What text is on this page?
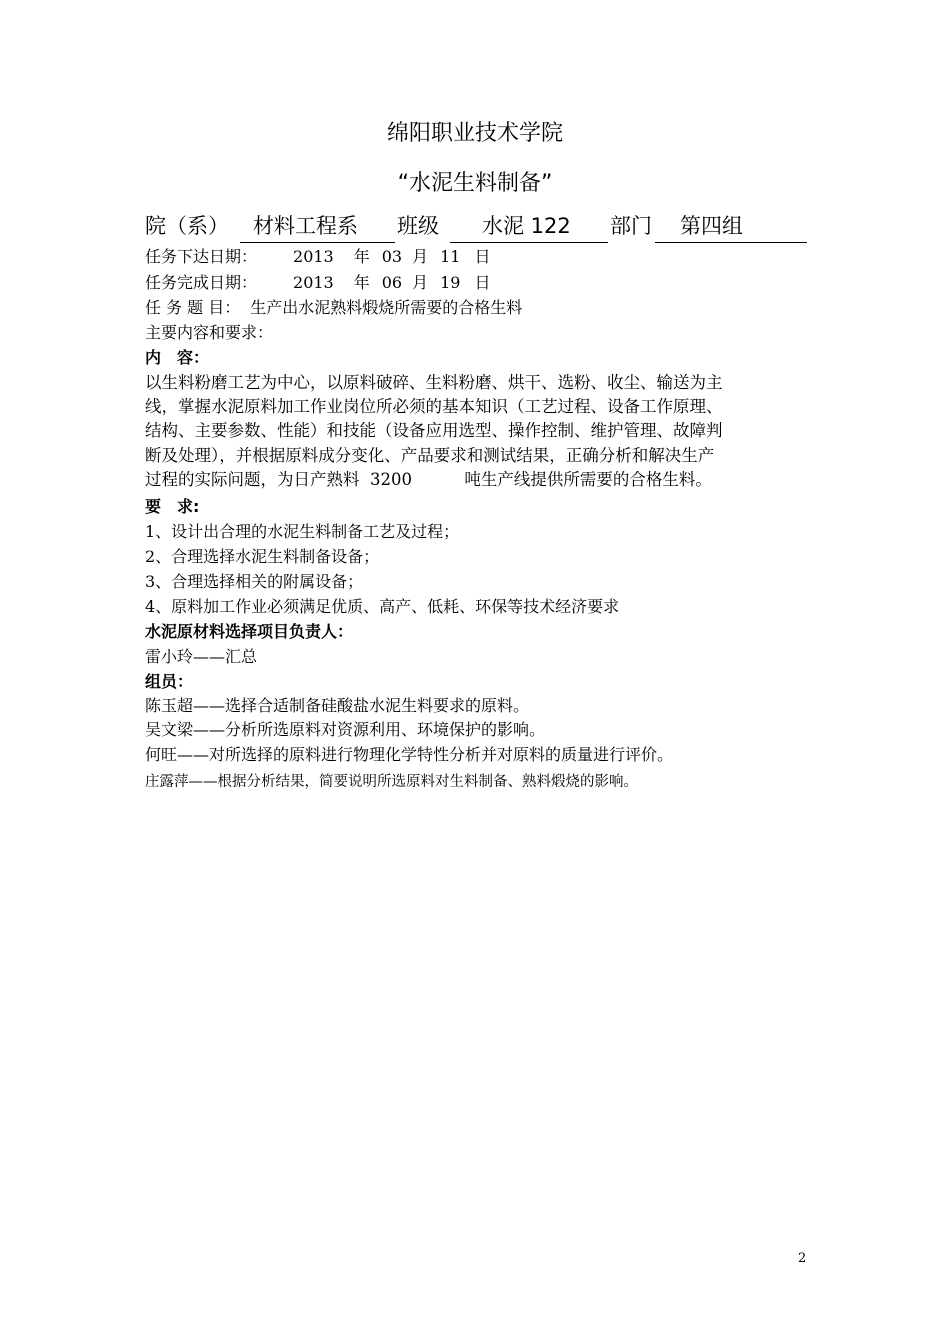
绵阳职业技术学院
“水泥生料制备”
院（系） 材料工程系 班级 水泥 122 部门 第四组
任务下达日期： 2013 年 03 月 11 日
任务完成日期： 2013 年 06 月 19 日
任 务 题 目： 生产出水泥熟料煅烧所需要的合格生料
主要内容和要求：
内　容：
以生料粉磨工艺为中心，以原料破碎、生料粉磨、烘干、选粉、收尘、输送为主
线，掌握水泥原料加工作业岗位所必须的基本知识（工艺过程、设备工作原理、
结构、主要参数、性能）和技能（设备应用选型、操作控制、维护管理、故障判
断及处理），并根据原料成分变化、产品要求和测试结果，正确分析和解决生产
过程的实际问题，为日产熟料  3200          吨生产线提供所需要的合格生料。
要　求:
1、设计出合理的水泥生料制备工艺及过程；
2、合理选择水泥生料制备设备；
3、合理选择相关的附属设备；
4、原料加工作业必须满足优质、高产、低耗、环保等技术经济要求
水泥原材料选择项目负责人：
雷小玲——汇总
组员：
陈玉超——选择合适制备硅酸盐水泥生料要求的原料。
吴文梁——分析所选原料对资源利用、环境保护的影响。
何旺——对所选择的原料进行物理化学特性分析并对原料的质量进行评价。
庄露萍——根据分析结果，简要说明所选原料对生料制备、熟料煅烧的影响。
2
